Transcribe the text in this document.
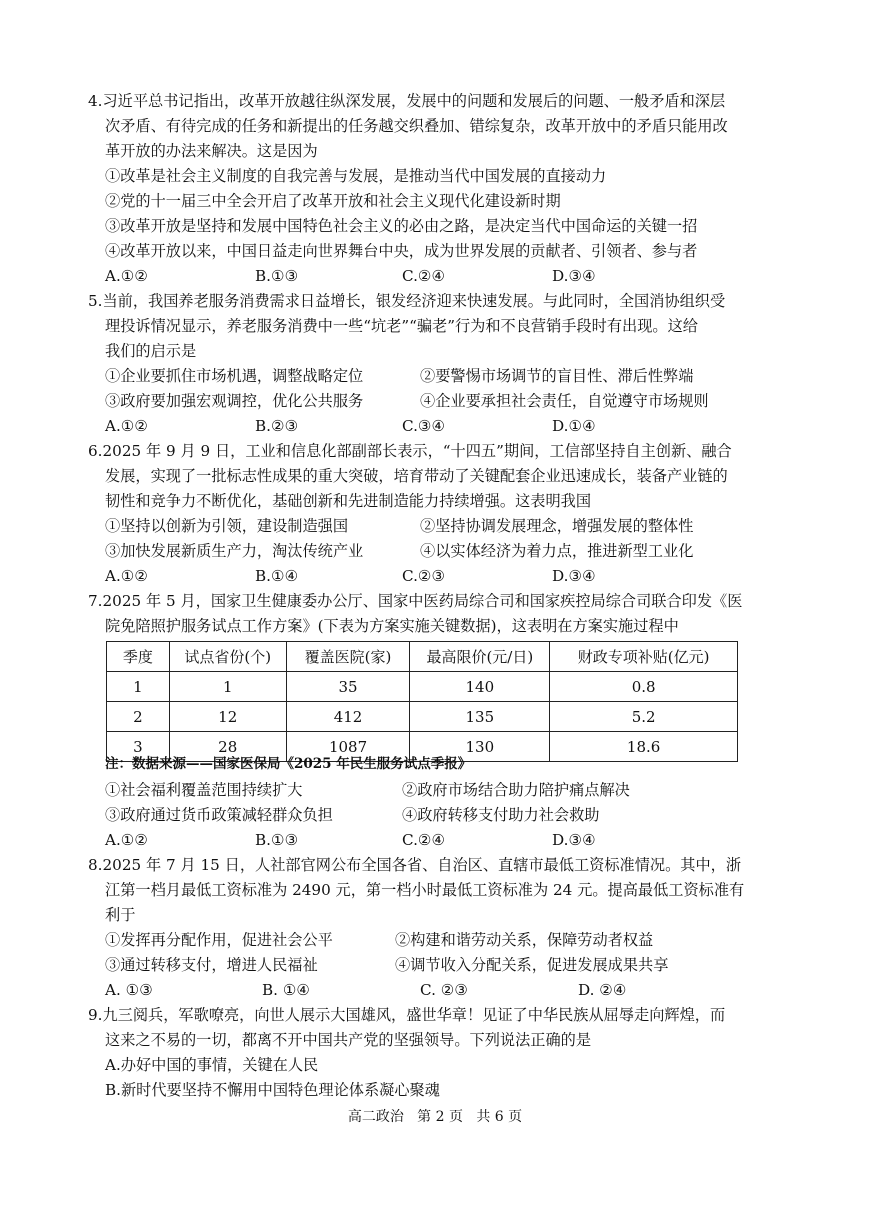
4.习近平总书记指出，改革开放越往纵深发展，发展中的问题和发展后的问题、一般矛盾和深层
次矛盾、有待完成的任务和新提出的任务越交织叠加、错综复杂，改革开放中的矛盾只能用改
革开放的办法来解决。这是因为
①改革是社会主义制度的自我完善与发展，是推动当代中国发展的直接动力
②党的十一届三中全会开启了改革开放和社会主义现代化建设新时期
③改革开放是坚持和发展中国特色社会主义的必由之路，是决定当代中国命运的关键一招
④改革开放以来，中国日益走向世界舞台中央，成为世界发展的贡献者、引领者、参与者
A.①②	B.①③	C.②④	D.③④
5.当前，我国养老服务消费需求日益增长，银发经济迎来快速发展。与此同时，全国消协组织受
理投诉情况显示，养老服务消费中一些“坑老”“骗老”行为和不良营销手段时有出现。这给
我们的启示是
①企业要抓住市场机遇，调整战略定位	②要警惕市场调节的盲目性、滞后性弊端
③政府要加强宏观调控，优化公共服务	④企业要承担社会责任，自觉遵守市场规则
A.①②	B.②③	C.③④	D.①④
6.2025 年 9 月 9 日，工业和信息化部副部长表示，“十四五”期间，工信部坚持自主创新、融合
发展，实现了一批标志性成果的重大突破，培育带动了关键配套企业迅速成长，装备产业链的
韧性和竞争力不断优化，基础创新和先进制造能力持续增强。这表明我国
①坚持以创新为引领，建设制造强国	②坚持协调发展理念，增强发展的整体性
③加快发展新质生产力，淘汰传统产业	④以实体经济为着力点，推进新型工业化
A.①②	B.①④	C.②③	D.③④
7.2025 年 5 月，国家卫生健康委办公厅、国家中医药局综合司和国家疾控局综合司联合印发《医
院免陪照护服务试点工作方案》(下表为方案实施关键数据)，这表明在方案实施过程中
季度	试点省份(个)	覆盖医院(家)	最高限价(元/日)	财政专项补贴(亿元)
1	1	35	140	0.8
2	12	412	135	5.2
3	28	1087	130	18.6
注：数据来源——国家医保局《2025 年民生服务试点季报》
①社会福利覆盖范围持续扩大	②政府市场结合助力陪护痛点解决
③政府通过货币政策减轻群众负担	④政府转移支付助力社会救助
A.①②	B.①③	C.②④	D.③④
8.2025 年 7 月 15 日，人社部官网公布全国各省、自治区、直辖市最低工资标准情况。其中，浙
江第一档月最低工资标准为 2490 元，第一档小时最低工资标准为 24 元。提高最低工资标准有
利于
①发挥再分配作用，促进社会公平	②构建和谐劳动关系，保障劳动者权益
③通过转移支付，增进人民福祉	④调节收入分配关系，促进发展成果共享
A. ①③	B. ①④	C. ②③	D. ②④
9.九三阅兵，军歌嘹亮，向世人展示大国雄风，盛世华章！见证了中华民族从屈辱走向辉煌，而
这来之不易的一切，都离不开中国共产党的坚强领导。下列说法正确的是
A.办好中国的事情，关键在人民
B.新时代要坚持不懈用中国特色理论体系凝心聚魂
高二政治   第 2 页   共 6 页
